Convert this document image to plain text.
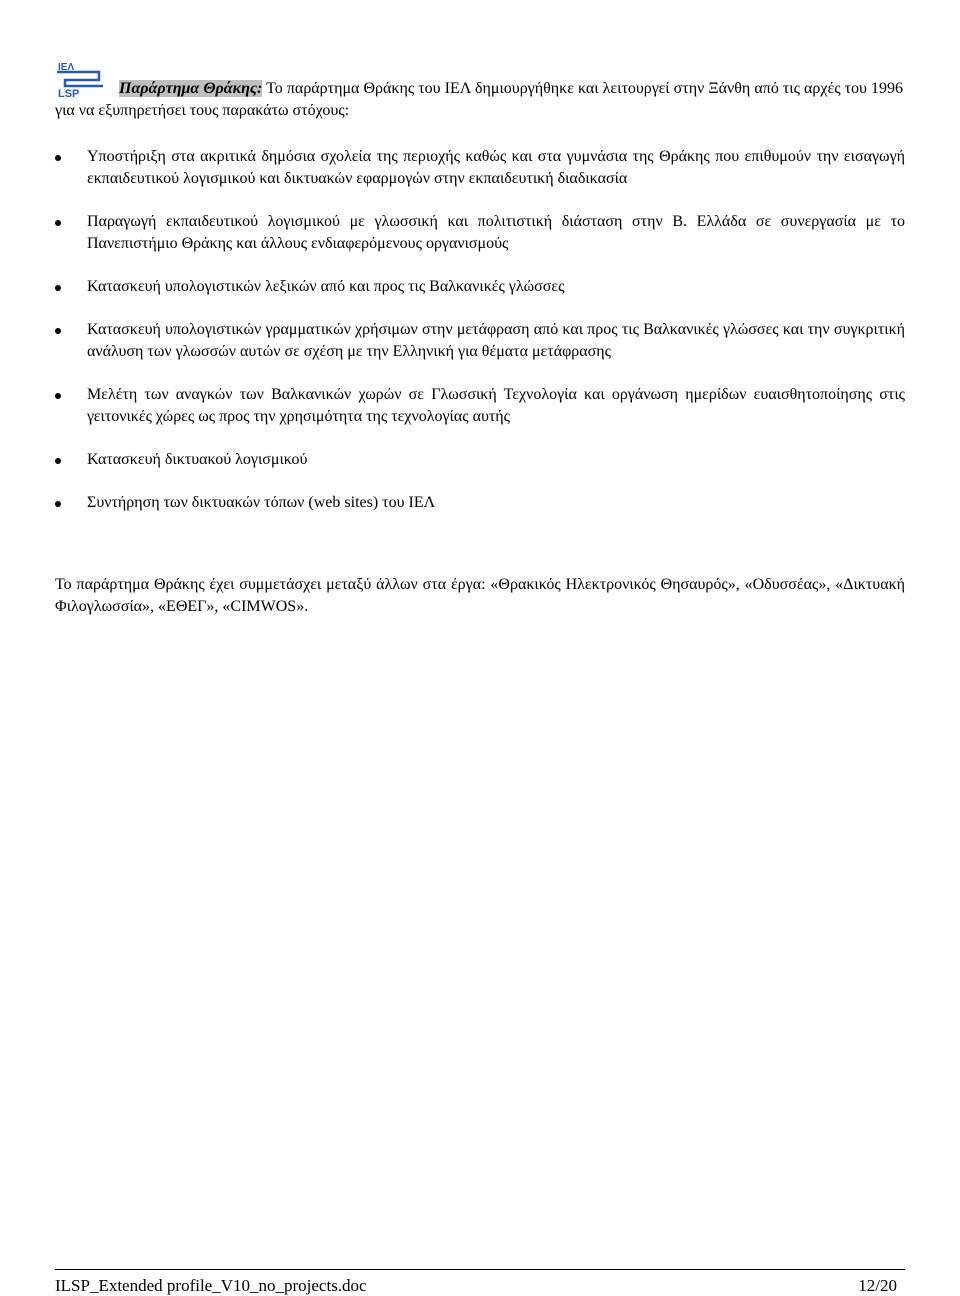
IEΛ
LSP	Παράρτημα Θράκης: Το παράρτημα Θράκης του ΙΕΛ δημιουργήθηκε και λειτουργεί στην Ξάνθη από τις αρχές του 1996 για να εξυπηρετήσει τους παρακάτω στόχους:
Υποστήριξη στα ακριτικά δημόσια σχολεία της περιοχής καθώς και στα γυμνάσια της Θράκης που επιθυμούν την εισαγωγή εκπαιδευτικού λογισμικού και δικτυακών εφαρμογών στην εκπαιδευτική διαδικασία
Παραγωγή εκπαιδευτικού λογισμικού με γλωσσική και πολιτιστική διάσταση στην Β. Ελλάδα σε συνεργασία με το Πανεπιστήμιο Θράκης και άλλους ενδιαφερόμενους οργανισμούς
Κατασκευή υπολογιστικών λεξικών από και προς τις Βαλκανικές γλώσσες
Κατασκευή υπολογιστικών γραμματικών χρήσιμων στην μετάφραση από και προς τις Βαλκανικές γλώσσες και την συγκριτική ανάλυση των γλωσσών αυτών σε σχέση με την Ελληνική για θέματα μετάφρασης
Μελέτη των αναγκών των Βαλκανικών χωρών σε Γλωσσική Τεχνολογία και οργάνωση ημερίδων ευαισθητοποίησης στις γειτονικές χώρες ως προς την χρησιμότητα της τεχνολογίας αυτής
Κατασκευή δικτυακού λογισμικού
Συντήρηση των δικτυακών τόπων (web sites) του ΙΕΛ
Το παράρτημα Θράκης έχει συμμετάσχει μεταξύ άλλων στα έργα: «Θρακικός Ηλεκτρονικός Θησαυρός», «Οδυσσέας», «Δικτυακή Φιλογλωσσία», «ΕΘΕΓ», «CIMWOS».
ILSP_Extended profile_V10_no_projects.doc	12/20
